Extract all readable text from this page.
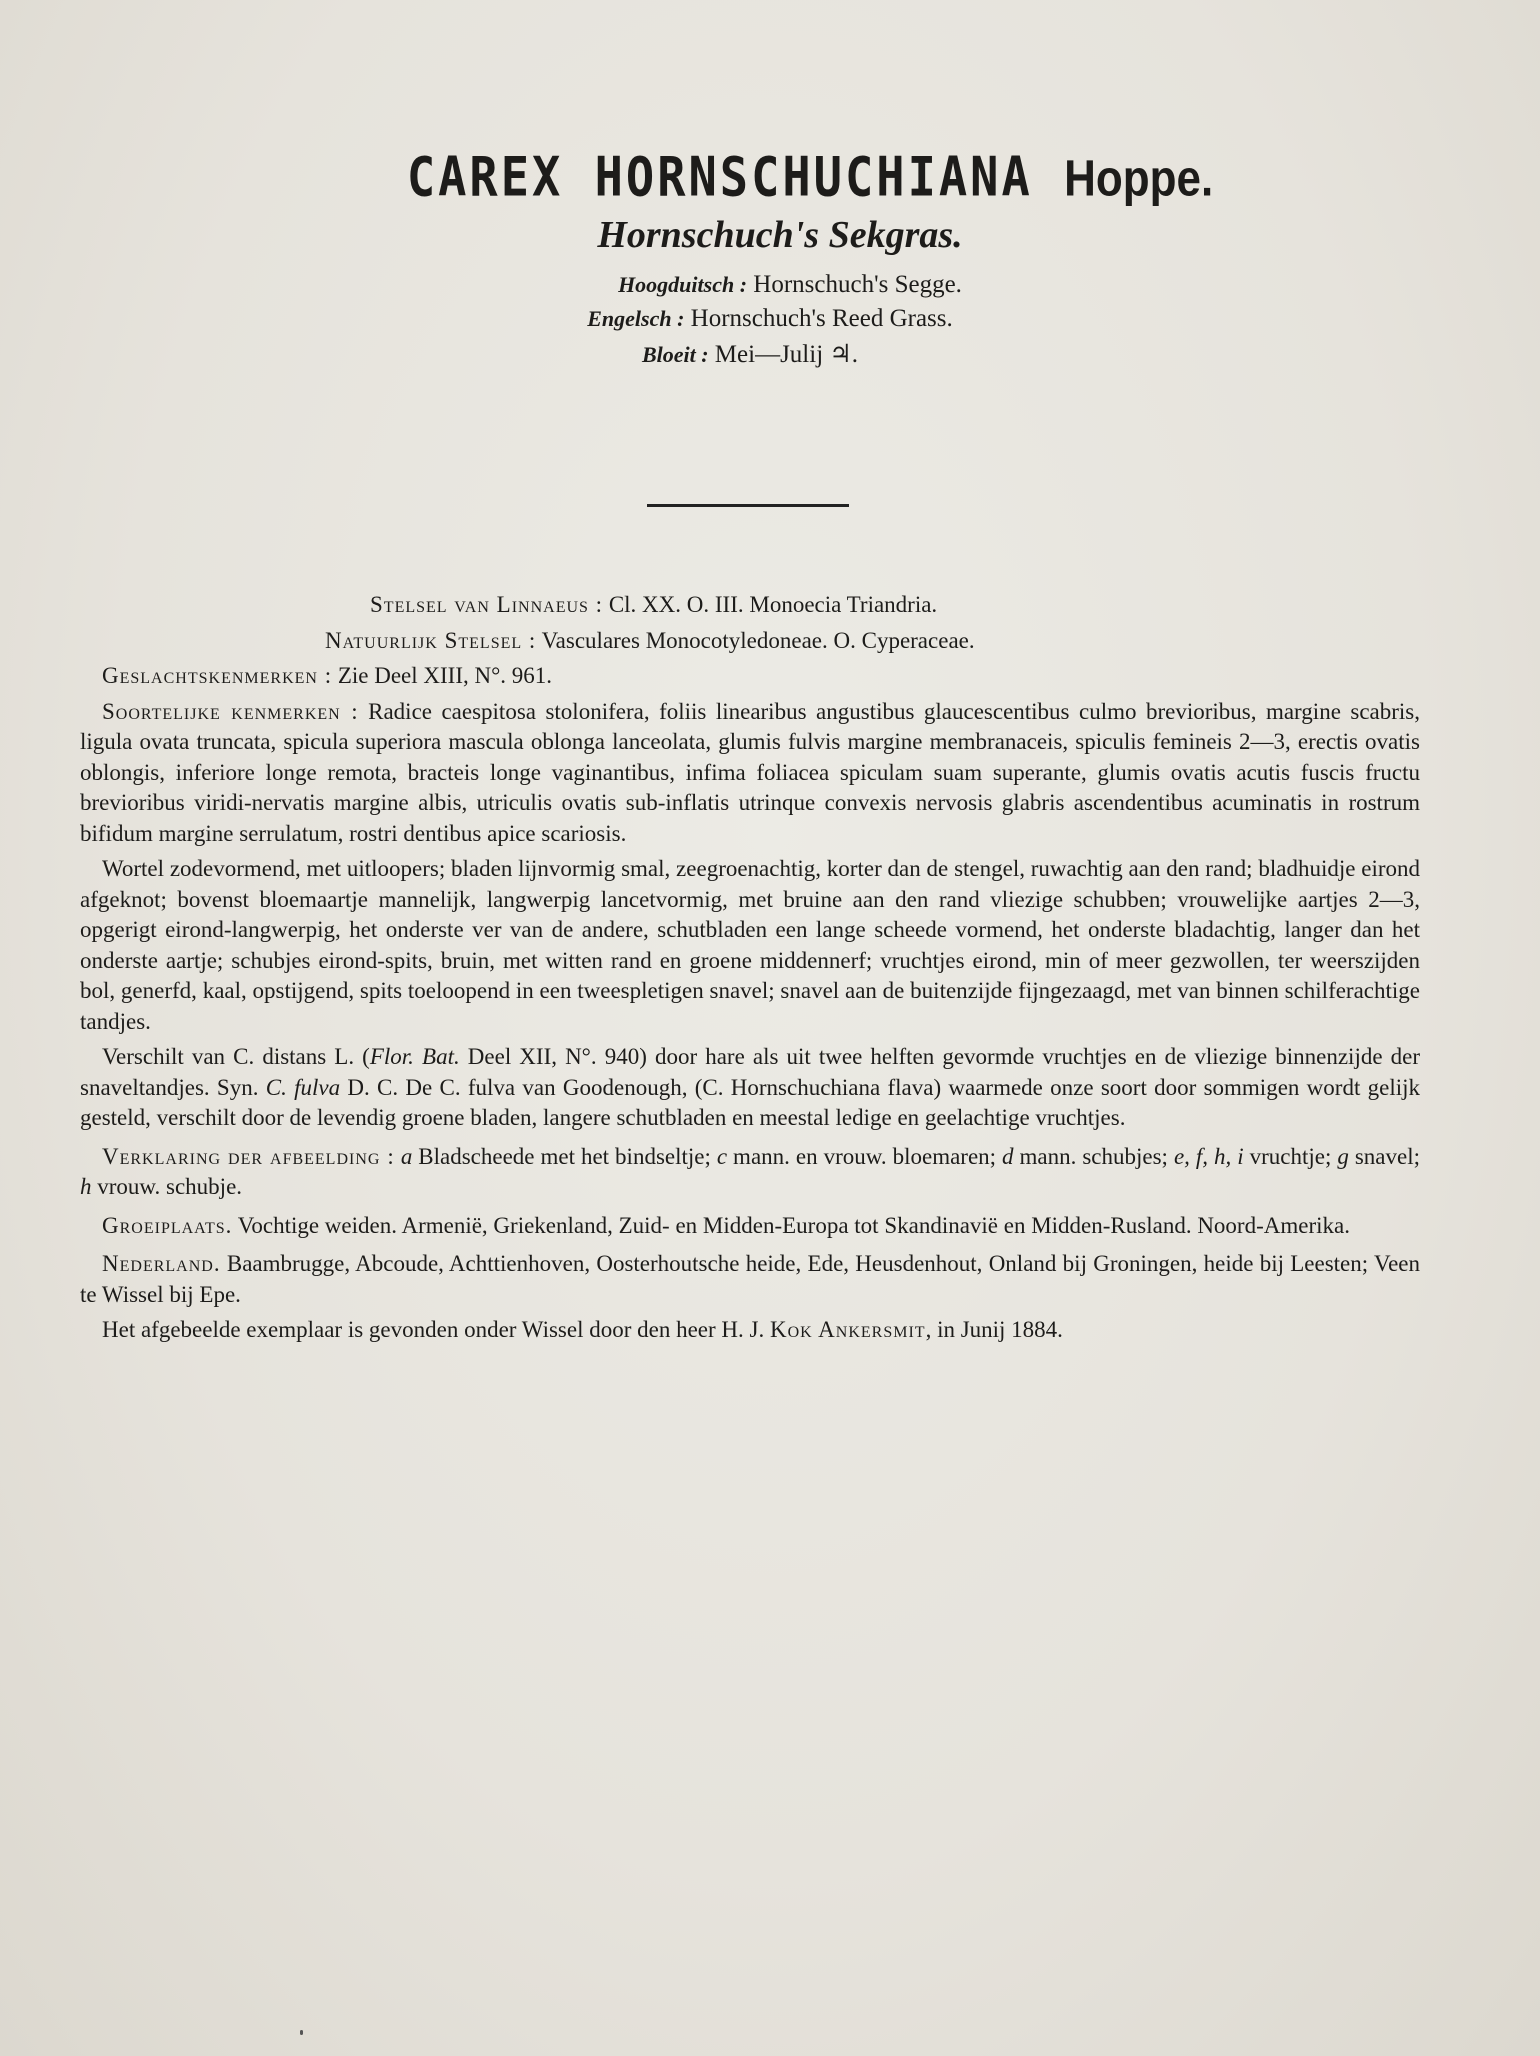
CAREX HORNSCHUCHIANA Hoppe.
Hornschuch's Sekgras.
Hoogduitsch : Hornschuch's Segge.
Engelsch : Hornschuch's Reed Grass.
Bloeit : Mei—Julij ♃.

Stelsel van Linnaeus : Cl. XX. O. III. Monoecia Triandria.

Natuurlijk Stelsel : Vasculares Monocotyledoneae. O. Cyperaceae.

Geslachtskenmerken : Zie Deel XIII, N°. 961.

Soortelijke kenmerken : Radice caespitosa stolonifera, foliis linearibus angustibus glaucescentibus culmo brevioribus, margine scabris, ligula ovata truncata, spicula superiora mascula oblonga lanceolata, glumis fulvis margine membranaceis, spiculis femineis 2—3, erectis ovatis oblongis, inferiore longe remota, bracteis longe vaginantibus, infima foliacea spiculam suam superante, glumis ovatis acutis fuscis fructu brevioribus viridi-nervatis margine albis, utriculis ovatis sub-inflatis utrinque convexis nervosis glabris ascendentibus acuminatis in rostrum bifidum margine serrulatum, rostri dentibus apice scariosis.

Wortel zodevormend, met uitloopers; bladen lijnvormig smal, zeegroenachtig, korter dan de stengel, ruwachtig aan den rand; bladhuidje eirond afgeknot; bovenst bloemaartje mannelijk, langwerpig lancetvormig, met bruine aan den rand vliezige schubben; vrouwelijke aartjes 2—3, opgerigt eirond-langwerpig, het onderste ver van de andere, schutbladen een lange scheede vormend, het onderste bladachtig, langer dan het onderste aartje; schubjes eirond-spits, bruin, met witten rand en groene middennerf; vruchtjes eirond, min of meer gezwollen, ter weerszijden bol, generfd, kaal, opstijgend, spits toeloopend in een tweespletigen snavel; snavel aan de buitenzijde fijngezaagd, met van binnen schilferachtige tandjes.

Verschilt van C. distans L. (Flor. Bat. Deel XII, N°. 940) door hare als uit twee helften gevormde vruchtjes en de vliezige binnenzijde der snaveltandjes. Syn. C. fulva D. C. De C. fulva van Goodenough, (C. Hornschuchiana flava) waarmede onze soort door sommigen wordt gelijk gesteld, verschilt door de levendig groene bladen, langere schutbladen en meestal ledige en geelachtige vruchtjes.

Verklaring der afbeelding : a Bladscheede met het bindseltje; c mann. en vrouw. bloemaren; d mann. schubjes; e, f, h, i vruchtje; g snavel; h vrouw. schubje.

Groeiplaats. Vochtige weiden. Armenië, Griekenland, Zuid- en Midden-Europa tot Skandinavië en Midden-Rusland. Noord-Amerika.

Nederland. Baambrugge, Abcoude, Achttienhoven, Oosterhoutsche heide, Ede, Heusdenhout, Onland bij Groningen, heide bij Leesten; Veen te Wissel bij Epe.

Het afgebeelde exemplaar is gevonden onder Wissel door den heer H. J. Kok Ankersmit, in Junij 1884.
